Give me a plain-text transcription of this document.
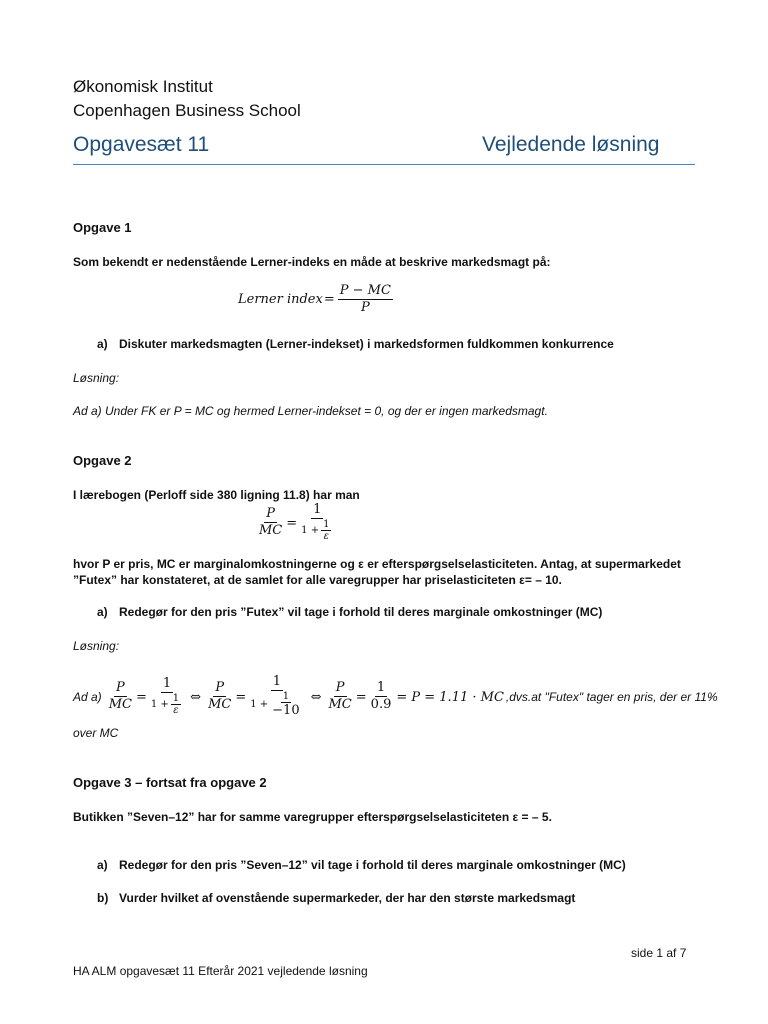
Økonomisk Institut
Copenhagen Business School
Opgavesæt 11	Vejledende løsning
Opgave 1
Som bekendt er nedenstående Lerner-indeks en måde at beskrive markedsmagt på:
Lerner index = $\frac{P - MC}{P}$
a) Diskuter markedsmagten (Lerner-indekset) i markedsformen fuldkommen konkurrence
Løsning:
Ad a) Under FK er P = MC og hermed Lerner-indekset = 0, og der er ingen markedsmagt.
Opgave 2
I lærebogen (Perloff side 380 ligning 11.8) har man
$\frac{P}{MC} = \frac{1}{1 + \frac{1}{\varepsilon}}$
hvor P er pris, MC er marginalomkostningerne og ε er efterspørgselselasticiteten. Antag, at supermarkedet
”Futex” har konstateret, at de samlet for alle varegrupper har priselasticiteten ε= – 10.
a) Redegør for den pris ”Futex” vil tage i forhold til deres marginale omkostninger (MC)
Løsning:
Ad $a) \frac{P}{MC} = \frac{1}{1 + \frac{1}{\varepsilon}}$ ⇔ $\frac{P}{MC} = \frac{1}{1 + \frac{1}{-10}}$ ⇔ $\frac{P}{MC} = \frac{1}{0.9} = P = 1.11$ · MC ,dvs.at "Futex" tager en pris, der er 11%
over MC
Opgave 3 – fortsat fra opgave 2
Butikken ”Seven–12” har for samme varegrupper efterspørgselselasticiteten ε = – 5.
a) Redegør for den pris ”Seven–12” vil tage i forhold til deres marginale omkostninger (MC)
b) Vurder hvilket af ovenstående supermarkeder, der har den største markedsmagt
side 1 af 7
HA ALM opgavesæt 11 Efterår 2021 vejledende løsning
